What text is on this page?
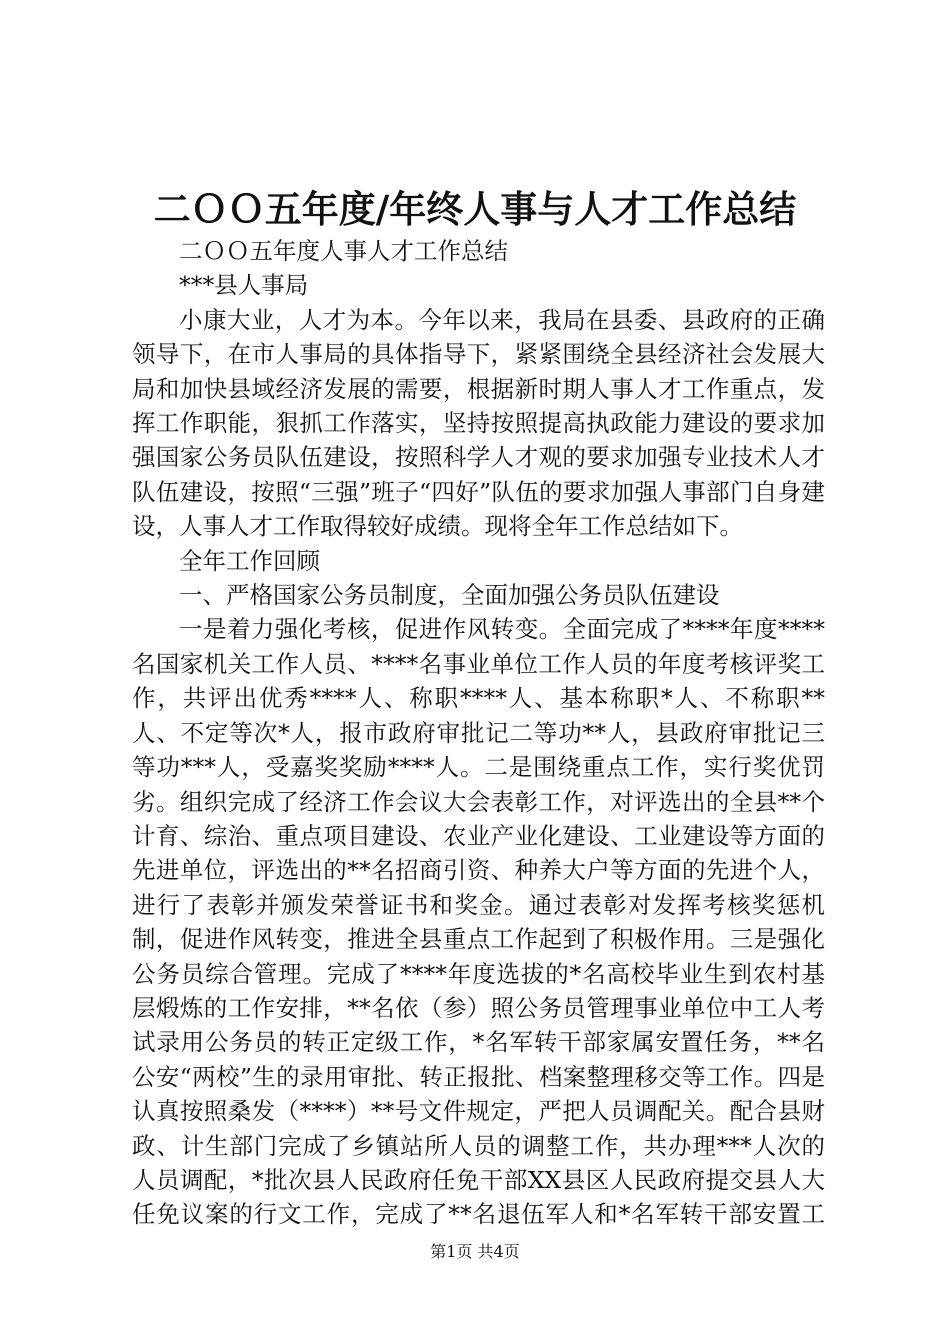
二ＯＯ五年度/年终人事与人才工作总结

二ＯＯ五年度人事人才工作总结

***县人事局

小康大业，人才为本。今年以来，我局在县委、县政府的正确领导下，在市人事局的具体指导下，紧紧围绕全县经济社会发展大局和加快县域经济发展的需要，根据新时期人事人才工作重点，发挥工作职能，狠抓工作落实，坚持按照提高执政能力建设的要求加强国家公务员队伍建设，按照科学人才观的要求加强专业技术人才队伍建设，按照“三强”班子“四好”队伍的要求加强人事部门自身建设，人事人才工作取得较好成绩。现将全年工作总结如下。

全年工作回顾

一、严格国家公务员制度，全面加强公务员队伍建设

一是着力强化考核，促进作风转变。全面完成了****年度****名国家机关工作人员、****名事业单位工作人员的年度考核评奖工作，共评出优秀****人、称职****人、基本称职*人、不称职**人、不定等次*人，报市政府审批记二等功**人，县政府审批记三等功***人，受嘉奖奖励****人。二是围绕重点工作，实行奖优罚劣。组织完成了经济工作会议大会表彰工作，对评选出的全县**个计育、综治、重点项目建设、农业产业化建设、工业建设等方面的先进单位，评选出的**名招商引资、种养大户等方面的先进个人，进行了表彰并颁发荣誉证书和奖金。通过表彰对发挥考核奖惩机制，促进作风转变，推进全县重点工作起到了积极作用。三是强化公务员综合管理。完成了****年度选拔的*名高校毕业生到农村基层煅炼的工作安排，**名依（参）照公务员管理事业单位中工人考试录用公务员的转正定级工作，*名军转干部家属安置任务，**名公安“两校”生的录用审批、转正报批、档案整理移交等工作。四是认真按照桑发（****）**号文件规定，严把人员调配关。配合县财政、计生部门完成了乡镇站所人员的调整工作，共办理***人次的人员调配，*批次县人民政府任免干部XX县区人民政府提交县人大任免议案的行文工作，完成了**名退伍军人和*名军转干部安置工

第1页 共4页
